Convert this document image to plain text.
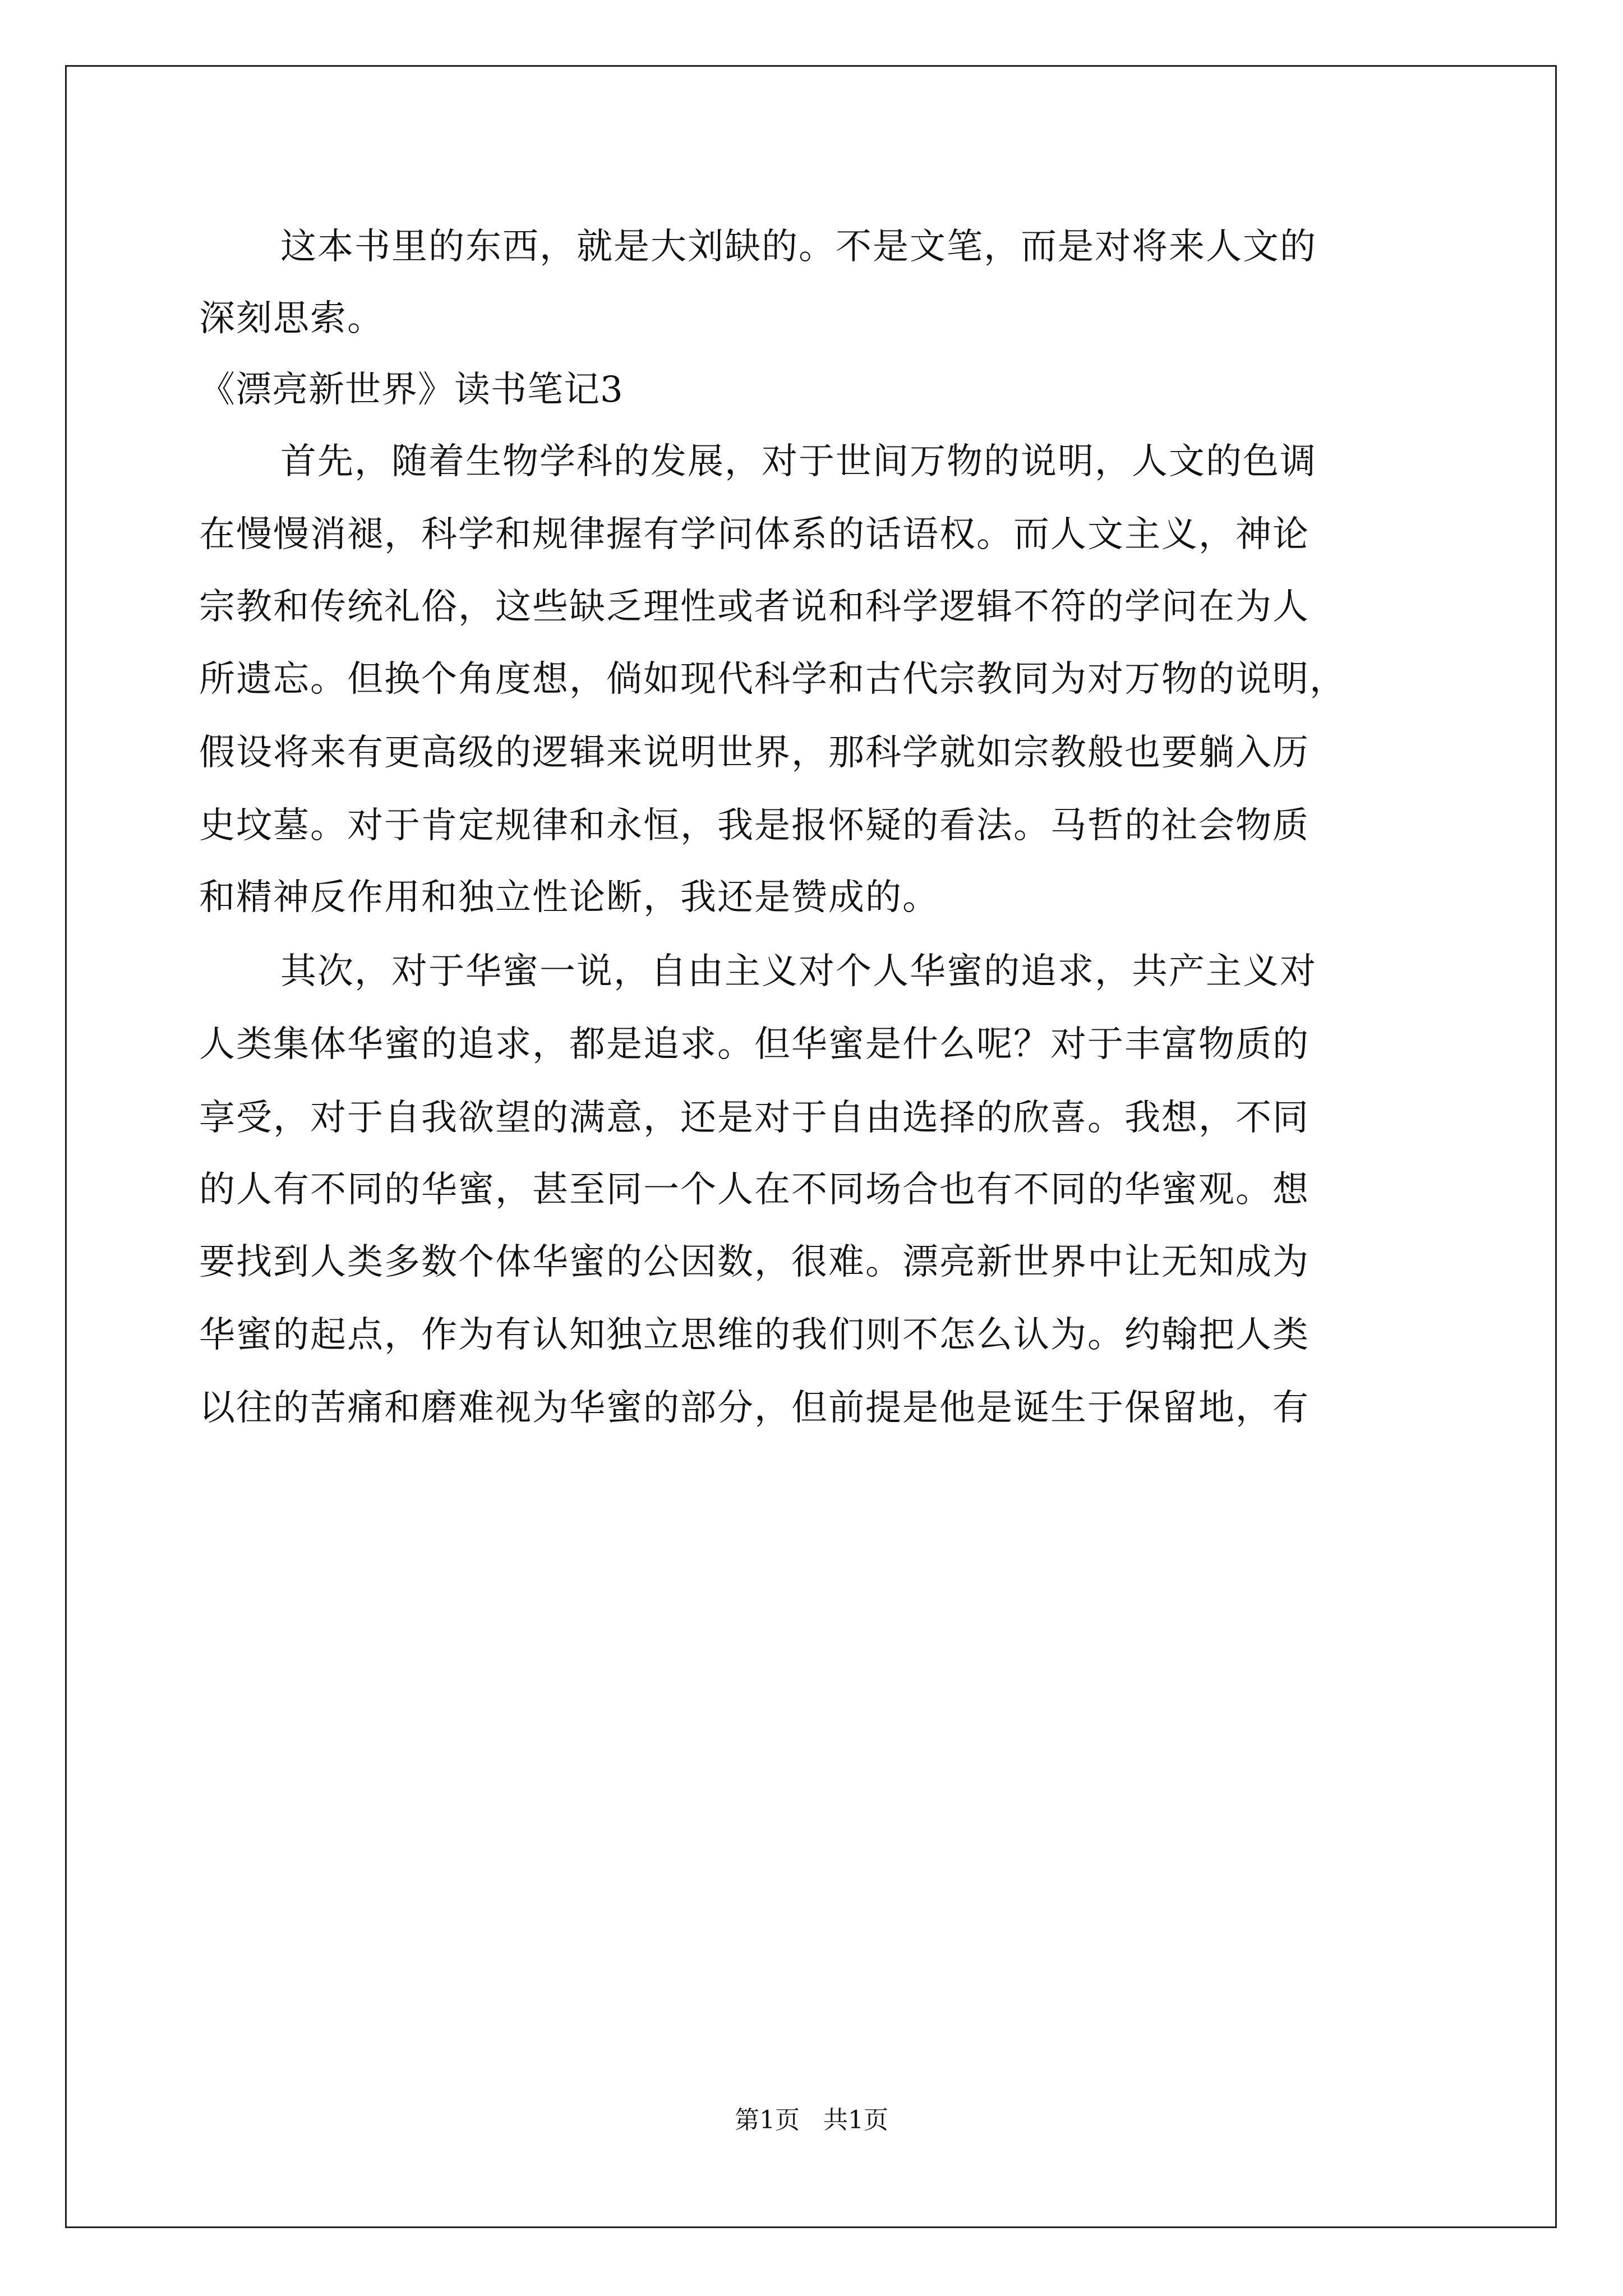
这本书里的东西，就是大刘缺的。不是文笔，而是对将来人文的
深刻思索。
《漂亮新世界》读书笔记3
首先，随着生物学科的发展，对于世间万物的说明，人文的色调
在慢慢消褪，科学和规律握有学问体系的话语权。而人文主义，神论
宗教和传统礼俗，这些缺乏理性或者说和科学逻辑不符的学问在为人
所遗忘。但换个角度想，倘如现代科学和古代宗教同为对万物的说明，
假设将来有更高级的逻辑来说明世界，那科学就如宗教般也要躺入历
史坟墓。对于肯定规律和永恒，我是报怀疑的看法。马哲的社会物质
和精神反作用和独立性论断，我还是赞成的。
其次，对于华蜜一说，自由主义对个人华蜜的追求，共产主义对
人类集体华蜜的追求，都是追求。但华蜜是什么呢？对于丰富物质的
享受，对于自我欲望的满意，还是对于自由选择的欣喜。我想，不同
的人有不同的华蜜，甚至同一个人在不同场合也有不同的华蜜观。想
要找到人类多数个体华蜜的公因数，很难。漂亮新世界中让无知成为
华蜜的起点，作为有认知独立思维的我们则不怎么认为。约翰把人类
以往的苦痛和磨难视为华蜜的部分，但前提是他是诞生于保留地，有
第1页   共1页
